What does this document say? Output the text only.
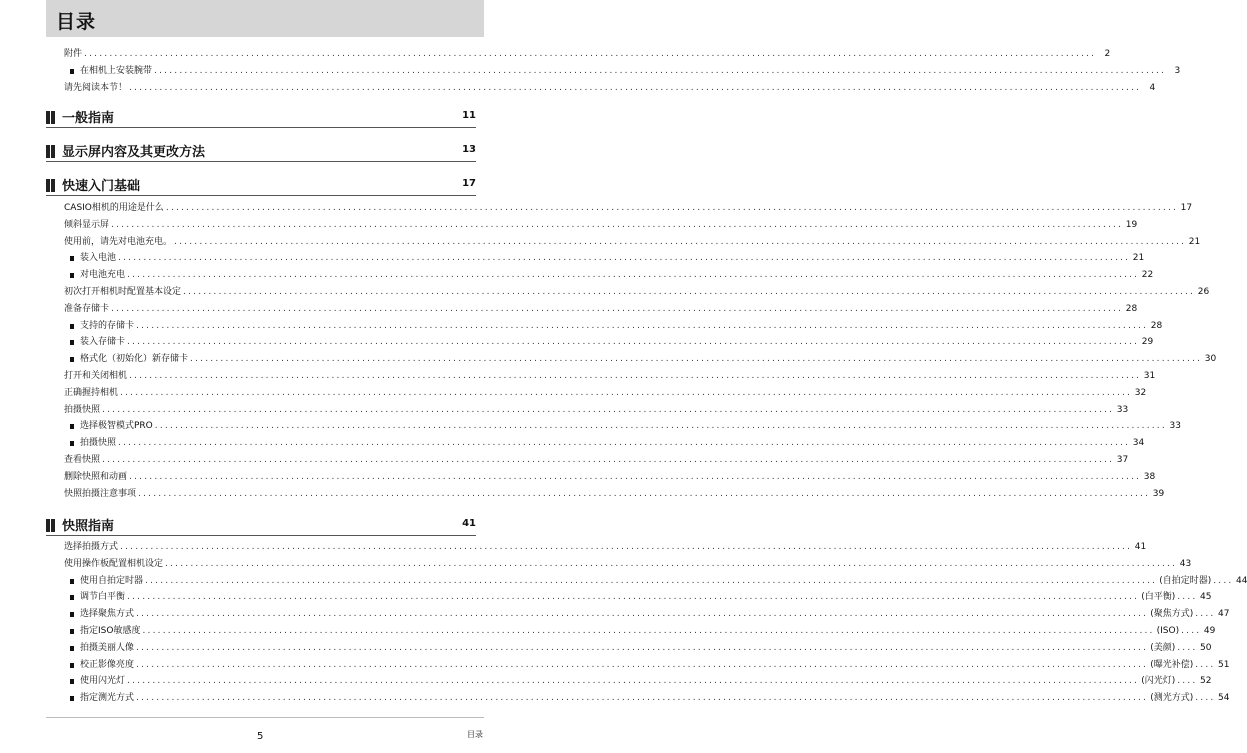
目录
附件 ........................................................................................................................................................................................................ 2
在相机上安装腕带 ........................................................................................................................................................................................................ 3
请先阅读本节！ ........................................................................................................................................................................................................ 4
一般指南	11
显示屏内容及其更改方法	13
快速入门基础	17
CASIO相机的用途是什么 ........................................................................................................................................................................................................ 17
倾斜显示屏 ........................................................................................................................................................................................................ 19
使用前，请先对电池充电。 ........................................................................................................................................................................................................ 21
装入电池 ........................................................................................................................................................................................................ 21
对电池充电 ........................................................................................................................................................................................................ 22
初次打开相机时配置基本设定 ........................................................................................................................................................................................................ 26
准备存储卡 ........................................................................................................................................................................................................ 28
支持的存储卡 ........................................................................................................................................................................................................ 28
装入存储卡 ........................................................................................................................................................................................................ 29
格式化（初始化）新存储卡 ........................................................................................................................................................................................................ 30
打开和关闭相机 ........................................................................................................................................................................................................ 31
正确握持相机 ........................................................................................................................................................................................................ 32
拍摄快照 ........................................................................................................................................................................................................ 33
选择极智模式PRO ........................................................................................................................................................................................................ 33
拍摄快照 ........................................................................................................................................................................................................ 34
查看快照 ........................................................................................................................................................................................................ 37
删除快照和动画 ........................................................................................................................................................................................................ 38
快照拍摄注意事项 ........................................................................................................................................................................................................ 39
快照指南	41
选择拍摄方式 ........................................................................................................................................................................................................ 41
使用操作板配置相机设定 ........................................................................................................................................................................................................ 43
使用自拍定时器 ........................................................................................................................................................................................................ (自拍定时器) .... 44
调节白平衡 ........................................................................................................................................................................................................ (白平衡) .... 45
选择聚焦方式 ........................................................................................................................................................................................................ (聚焦方式) .... 47
指定ISO敏感度 ........................................................................................................................................................................................................ (ISO) .... 49
拍摄美丽人像 ........................................................................................................................................................................................................ (美颜) .... 50
校正影像亮度 ........................................................................................................................................................................................................ (曝光补偿) .... 51
使用闪光灯 ........................................................................................................................................................................................................ (闪光灯) .... 52
指定测光方式 ........................................................................................................................................................................................................ (测光方式) .... 54
5	目录
